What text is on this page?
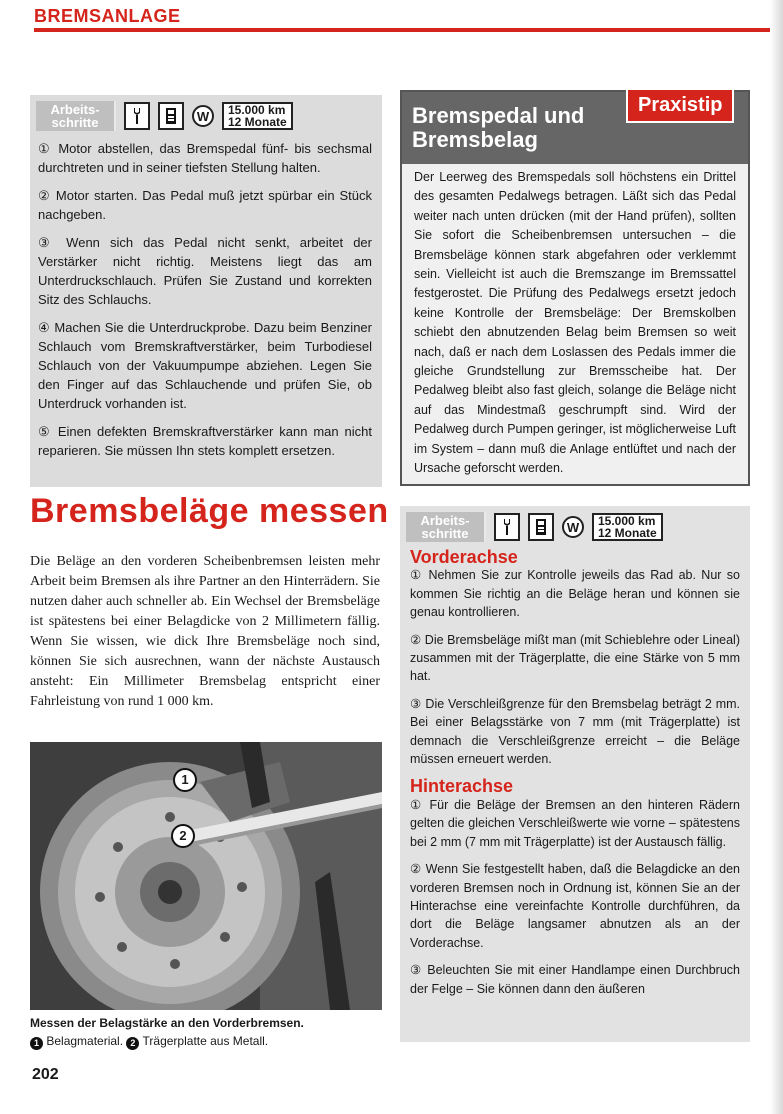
BREMSANLAGE
Arbeits-schritte	W	15.000 km
12 Monate

① Motor abstellen, das Bremspedal fünf- bis sechsmal durchtreten und in seiner tiefsten Stellung halten.

② Motor starten. Das Pedal muß jetzt spürbar ein Stück nachgeben.

③ Wenn sich das Pedal nicht senkt, arbeitet der Verstärker nicht richtig. Meistens liegt das am Unterdruckschlauch. Prüfen Sie Zustand und korrekten Sitz des Schlauchs.

④ Machen Sie die Unterdruckprobe. Dazu beim Benziner Schlauch vom Bremskraftverstärker, beim Turbodiesel Schlauch von der Vakuumpumpe abziehen. Legen Sie den Finger auf das Schlauchende und prüfen Sie, ob Unterdruck vorhanden ist.

⑤ Einen defekten Bremskraftverstärker kann man nicht reparieren. Sie müssen Ihn stets komplett ersetzen.

Bremsbeläge messen
Die Beläge an den vorderen Scheibenbremsen leisten mehr Arbeit beim Bremsen als ihre Partner an den Hinterrädern. Sie nutzen daher auch schneller ab. Ein Wechsel der Bremsbeläge ist spätestens bei einer Belagdicke von 2 Millimetern fällig. Wenn Sie wissen, wie dick Ihre Bremsbeläge noch sind, können Sie sich ausrechnen, wann der nächste Austausch ansteht: Ein Millimeter Bremsbelag entspricht einer Fahrleistung von rund 1 000 km.
1
2
Messen der Belagstärke an den Vorderbremsen.
1 Belagmaterial. 2 Trägerplatte aus Metall.
202
Bremspedal und
Bremsbelag
Der Leerweg des Bremspedals soll höchstens ein Drittel des gesamten Pedalwegs betragen. Läßt sich das Pedal weiter nach unten drücken (mit der Hand prüfen), sollten Sie sofort die Scheibenbremsen untersuchen – die Bremsbeläge können stark abgefahren oder verklemmt sein. Vielleicht ist auch die Bremszange im Bremssattel festgerostet. Die Prüfung des Pedalwegs ersetzt jedoch keine Kontrolle der Bremsbeläge: Der Bremskolben schiebt den abnutzenden Belag beim Bremsen so weit nach, daß er nach dem Loslassen des Pedals immer die gleiche Grundstellung zur Bremsscheibe hat. Der Pedalweg bleibt also fast gleich, solange die Beläge nicht auf das Mindestmaß geschrumpft sind. Wird der Pedalweg durch Pumpen geringer, ist möglicherweise Luft im System – dann muß die Anlage entlüftet und nach der Ursache geforscht werden.
Praxistip
Arbeits-schritte	W	15.000 km
12 Monate
Vorderachse

① Nehmen Sie zur Kontrolle jeweils das Rad ab. Nur so kommen Sie richtig an die Beläge heran und können sie genau kontrollieren.

② Die Bremsbeläge mißt man (mit Schieblehre oder Lineal) zusammen mit der Trägerplatte, die eine Stärke von 5 mm hat.

③ Die Verschleißgrenze für den Bremsbelag beträgt 2 mm. Bei einer Belagsstärke von 7 mm (mit Trägerplatte) ist demnach die Verschleißgrenze erreicht – die Beläge müssen erneuert werden.

Hinterachse

① Für die Beläge der Bremsen an den hinteren Rädern gelten die gleichen Verschleißwerte wie vorne – spätestens bei 2 mm (7 mm mit Trägerplatte) ist der Austausch fällig.

② Wenn Sie festgestellt haben, daß die Belagdicke an den vorderen Bremsen noch in Ordnung ist, können Sie an der Hinterachse eine vereinfachte Kontrolle durchführen, da dort die Beläge langsamer abnutzen als an der Vorderachse.

③ Beleuchten Sie mit einer Handlampe einen Durchbruch der Felge – Sie können dann den äußeren
